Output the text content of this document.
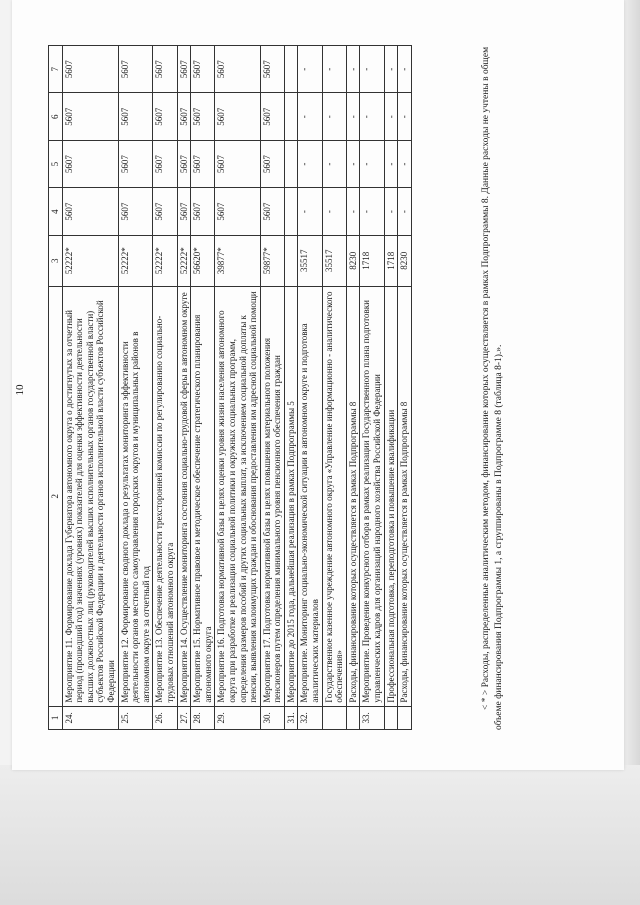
10
1	2	3	4	5	6	7
24.	Мероприятие 11. Формирование доклада Губернатора автономного округа о достигнутых за отчетный период (прошедший год) значениях (уровнях) показателей для оценки эффективности деятельности высших должностных лиц (руководителей высших исполнительных органов государственной власти) субъектов Российской Федерации и деятельности органов исполнительной власти субъектов Российской Федерации	52222*	5607	5607	5607	5607
25.	Мероприятие 12. Формирование сводного доклада о результатах мониторинга эффективности деятельности органов местного самоуправления городских округов и муниципальных районов в автономном округе за отчетный год	52222*	5607	5607	5607	5607
26.	Мероприятие 13. Обеспечение деятельности трехсторонней комиссии по регулированию социально-трудовых отношений автономного округа	52222*	5607	5607	5607	5607
27.	Мероприятие 14. Осуществление мониторинга состояния социально-трудовой сферы в автономном округе	52222*	5607	5607	5607	5607
28.	Мероприятие 15. Нормативное правовое и методическое обеспечение стратегического планирования автономного округа	56620*	5607	5607	5607	5607
29.	Мероприятие 16. Подготовка нормативной базы в целях оценки уровня жизни населения автономного округа при разработке и реализации социальной политики и окружных социальных программ, определения размеров пособий и других социальных выплат, за исключением социальной доплаты к пенсии, выявления малоимущих граждан и обоснования предоставления им адресной социальной помощи	39877*	5607	5607	5607	5607
30.	Мероприятие 17. Подготовка нормативной базы в целях повышения материального положения пенсионеров путем определения минимального уровня пенсионного обеспечения граждан	59877*	5607	5607	5607	5607
31.	Мероприятие до 2015 года, дальнейшая реализация в рамках Подпрограммы 5					
32.	Мероприятие. Мониторинг социально-экономической ситуации в автономном округе и подготовка аналитических материалов	35517	-	-	-	-
	Государственное казенное учреждение автономного округа «Управление информационно - аналитического обеспечения»	35517	-	-	-	-
	Расходы, финансирование которых осуществляется в рамках Подпрограммы 8	8230	-	-	-	-
33.	Мероприятие. Проведение конкурсного отбора в рамках реализации Государственного плана подготовки управленческих кадров для организаций народного хозяйства Российской Федерации	1718	-	-	-	-
	Профессиональная подготовка, переподготовка и повышение квалификации	1718	-	-	-	-
	Расходы, финансирование которых осуществляется в рамках Подпрограммы 8	8230	-	-	-	-	< * > Расходы, распределенные аналитическим методом, финансирование которых осуществляется в рамках Подпрограммы 8. Данные расходы не учтены в общем объеме финансирования Подпрограммы 1, а сгруппированы в Подпрограмме 8 (таблица 8-1).».
